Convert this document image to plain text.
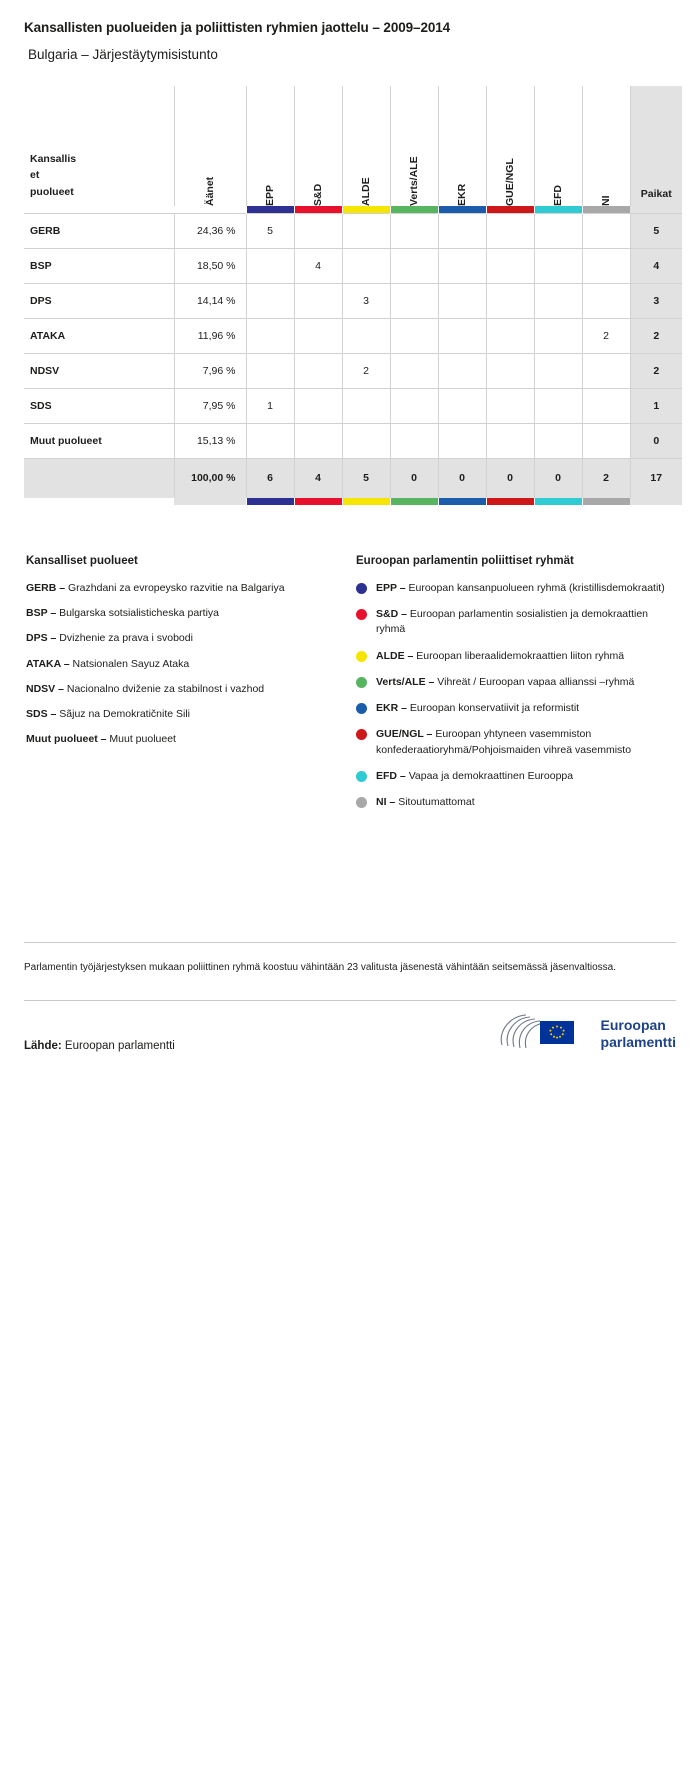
Kansallisten puolueiden ja poliittisten ryhmien jaottelu – 2009–2014
Bulgaria – Järjestäytymisistunto
Kansallis
et
puolueet	Äänet	EPP	S&D	ALDE	Verts/ALE	EKR	GUE/NGL	EFD	NI	Paikat

GERB	24,36 %	5								5
BSP	18,50 %		4							4
DPS	14,14 %			3						3
ATAKA	11,96 %								2	2
NDSV	7,96 %			2						2
SDS	7,95 %	1								1
Muut puolueet	15,13 %									0
	100,00 %	6	4	5	0	0	0	0	2	17

Kansalliset puolueet
GERB – Grazhdani za evropeysko razvitie na Balgariya
BSP – Bulgarska sotsialisticheska partiya
DPS – Dvizhenie za prava i svobodi
ATAKA – Natsionalen Sayuz Ataka
NDSV – Nacionalno dviženie za stabilnost i vazhod
SDS – Sãjuz na Demokratičnite Sili
Muut puolueet – Muut puolueet
Euroopan parlamentin poliittiset ryhmät
EPP – Euroopan kansanpuolueen ryhmä (kristillisdemokraatit)
S&D – Euroopan parlamentin sosialistien ja demokraattien ryhmä
ALDE – Euroopan liberaalidemokraattien liiton ryhmä
Verts/ALE – Vihreät / Euroopan vapaa allianssi –ryhmä
EKR – Euroopan konservatiivit ja reformistit
GUE/NGL – Euroopan yhtyneen vasemmiston konfederaatioryhmä/Pohjoismaiden vihreä vasemmisto
EFD – Vapaa ja demokraattinen Eurooppa
NI – Sitoutumattomat
Parlamentin työjärjestyksen mukaan poliittinen ryhmä koostuu vähintään 23 valitusta jäsenestä vähintään seitsemässä jäsenvaltiossa.
Lähde: Euroopan parlamentti
Euroopan
parlamentti
